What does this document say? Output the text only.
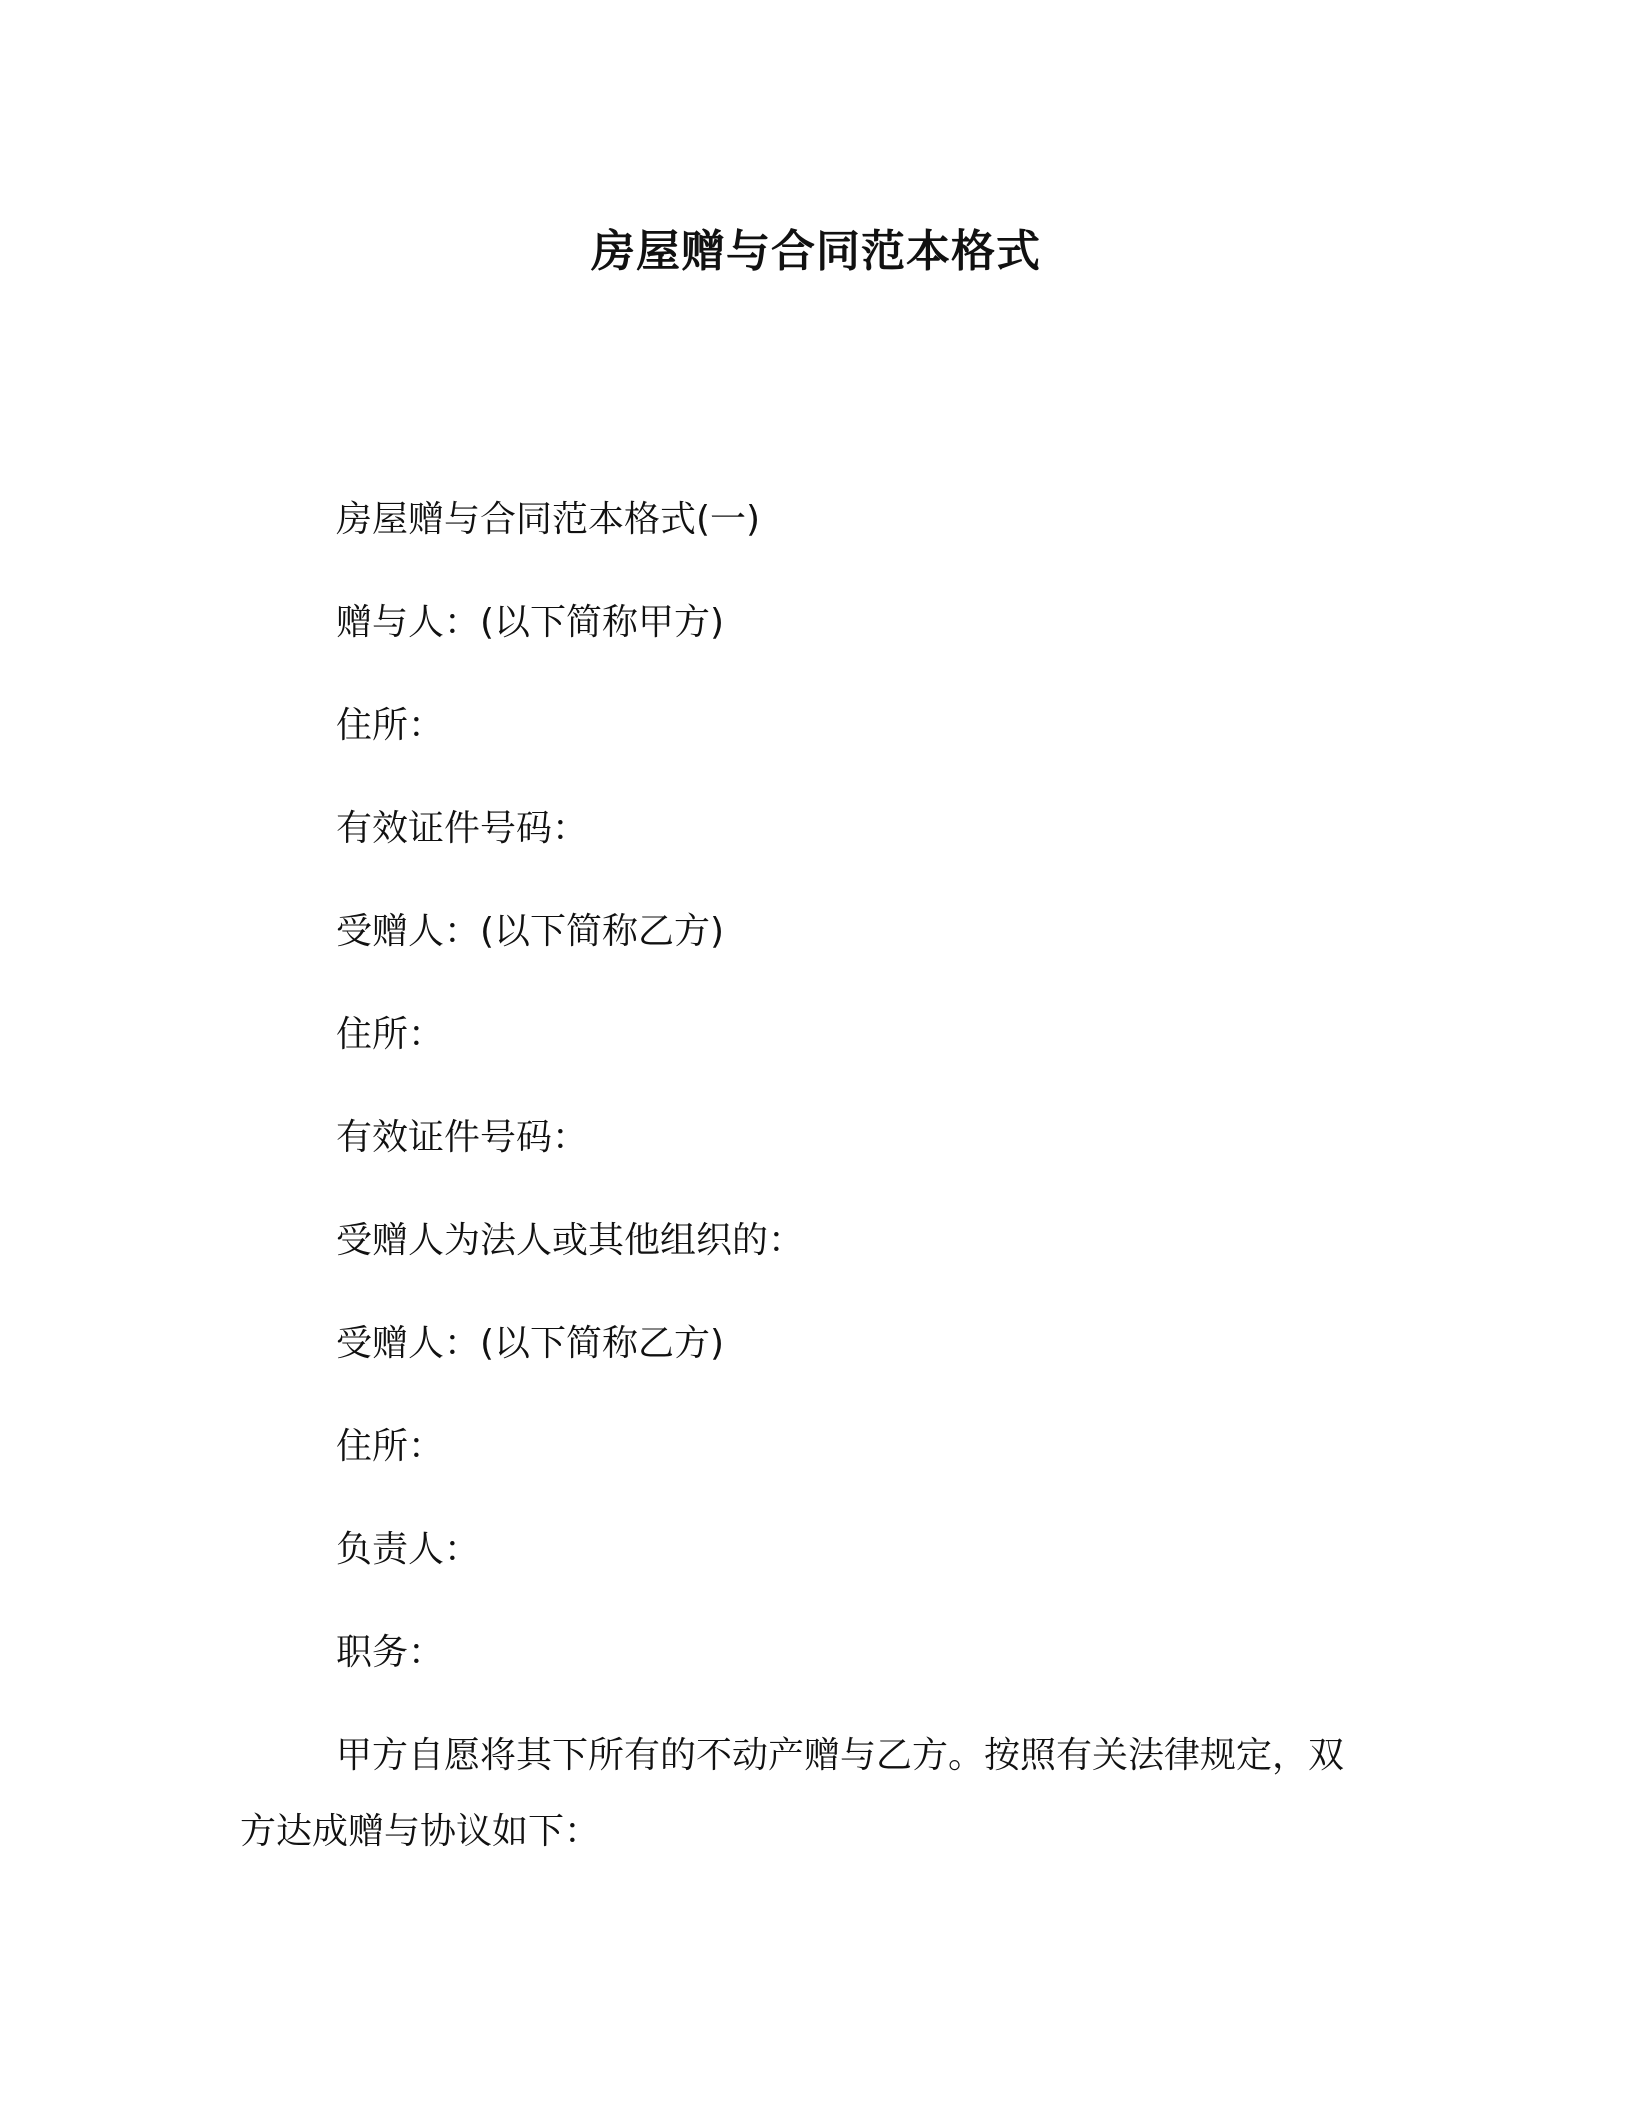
房屋赠与合同范本格式
房屋赠与合同范本格式(一)
赠与人：(以下简称甲方)
住所：
有效证件号码：
受赠人：(以下简称乙方)
住所：
有效证件号码：
受赠人为法人或其他组织的：
受赠人：(以下简称乙方)
住所：
负责人：
职务：
甲方自愿将其下所有的不动产赠与乙方。按照有关法律规定，双
方达成赠与协议如下：
